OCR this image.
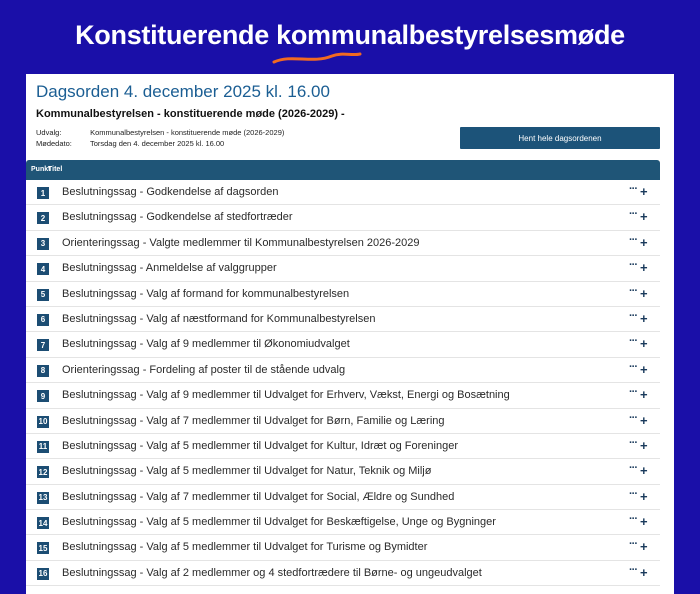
Konstituerende kommunalbestyrelsesmøde
Dagsorden 4. december 2025 kl. 16.00
Kommunalbestyrelsen - konstituerende møde (2026-2029) -
Udvalg:	Kommunalbestyrelsen - konstituerende møde (2026-2029)
Mødedato: Torsdag den 4. december 2025 kl. 16.00
Hent hele dagsordenen
Punkt
Titel
1	Beslutningssag - Godkendelse af dagsorden	··· +
2	Beslutningssag - Godkendelse af stedfortræder	··· +
3	Orienteringssag - Valgte medlemmer til Kommunalbestyrelsen 2026-2029	··· +
4	Beslutningssag - Anmeldelse af valggrupper	··· +
5	Beslutningssag - Valg af formand for kommunalbestyrelsen	··· +
6	Beslutningssag - Valg af næstformand for Kommunalbestyrelsen	··· +
7	Beslutningssag - Valg af 9 medlemmer til Økonomiudvalget	··· +
8	Orienteringssag - Fordeling af poster til de stående udvalg	··· +
9	Beslutningssag - Valg af 9 medlemmer til Udvalget for Erhverv, Vækst, Energi og Bosætning	··· +
10 Beslutningssag - Valg af 7 medlemmer til Udvalget for Børn, Familie og Læring	··· +
11 Beslutningssag - Valg af 5 medlemmer til Udvalget for Kultur, Idræt og Foreninger	··· +
12 Beslutningssag - Valg af 5 medlemmer til Udvalget for Natur, Teknik og Miljø	··· +
13 Beslutningssag - Valg af 7 medlemmer til Udvalget for Social, Ældre og Sundhed	··· +
14 Beslutningssag - Valg af 5 medlemmer til Udvalget for Beskæftigelse, Unge og Bygninger	··· +
15 Beslutningssag - Valg af 5 medlemmer til Udvalget for Turisme og Bymidter	··· +
16 Beslutningssag - Valg af 2 medlemmer og 4 stedfortrædere til Børne- og ungeudvalget	··· +
